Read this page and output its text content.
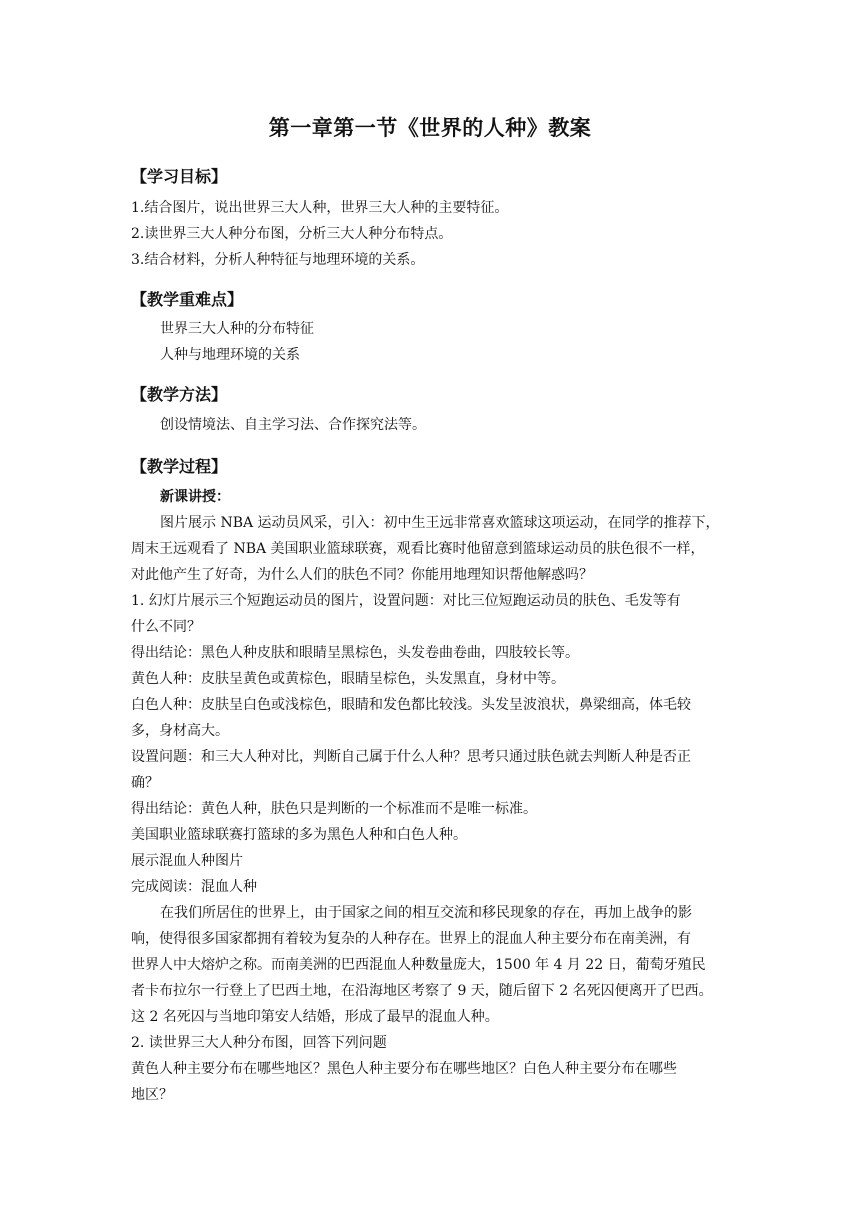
第一章第一节《世界的人种》教案
【学习目标】
1.结合图片，说出世界三大人种，世界三大人种的主要特征。
2.读世界三大人种分布图，分析三大人种分布特点。
3.结合材料，分析人种特征与地理环境的关系。
【教学重难点】
世界三大人种的分布特征
人种与地理环境的关系
【教学方法】
创设情境法、自主学习法、合作探究法等。
【教学过程】
新课讲授：
图片展示 NBA 运动员风采，引入：初中生王远非常喜欢篮球这项运动，在同学的推荐下，
周末王远观看了 NBA 美国职业篮球联赛，观看比赛时他留意到篮球运动员的肤色很不一样，
对此他产生了好奇，为什么人们的肤色不同？你能用地理知识帮他解惑吗？
1. 幻灯片展示三个短跑运动员的图片，设置问题：对比三位短跑运动员的肤色、毛发等有
什么不同？
得出结论：黑色人种皮肤和眼睛呈黑棕色，头发卷曲卷曲，四肢较长等。
黄色人种：皮肤呈黄色或黄棕色，眼睛呈棕色，头发黑直，身材中等。
白色人种：皮肤呈白色或浅棕色，眼睛和发色都比较浅。头发呈波浪状，鼻梁细高，体毛较
多，身材高大。
设置问题：和三大人种对比，判断自己属于什么人种？思考只通过肤色就去判断人种是否正
确？
得出结论：黄色人种，肤色只是判断的一个标准而不是唯一标准。
美国职业篮球联赛打篮球的多为黑色人种和白色人种。
展示混血人种图片
完成阅读：混血人种
在我们所居住的世界上，由于国家之间的相互交流和移民现象的存在，再加上战争的影
响，使得很多国家都拥有着较为复杂的人种存在。世界上的混血人种主要分布在南美洲，有
世界人中大熔炉之称。而南美洲的巴西混血人种数量庞大，1500 年 4 月 22 日，葡萄牙殖民
者卡布拉尔一行登上了巴西土地，在沿海地区考察了 9 天，随后留下 2 名死囚便离开了巴西。
这 2 名死囚与当地印第安人结婚，形成了最早的混血人种。
2. 读世界三大人种分布图，回答下列问题
黄色人种主要分布在哪些地区？黑色人种主要分布在哪些地区？白色人种主要分布在哪些
地区？
